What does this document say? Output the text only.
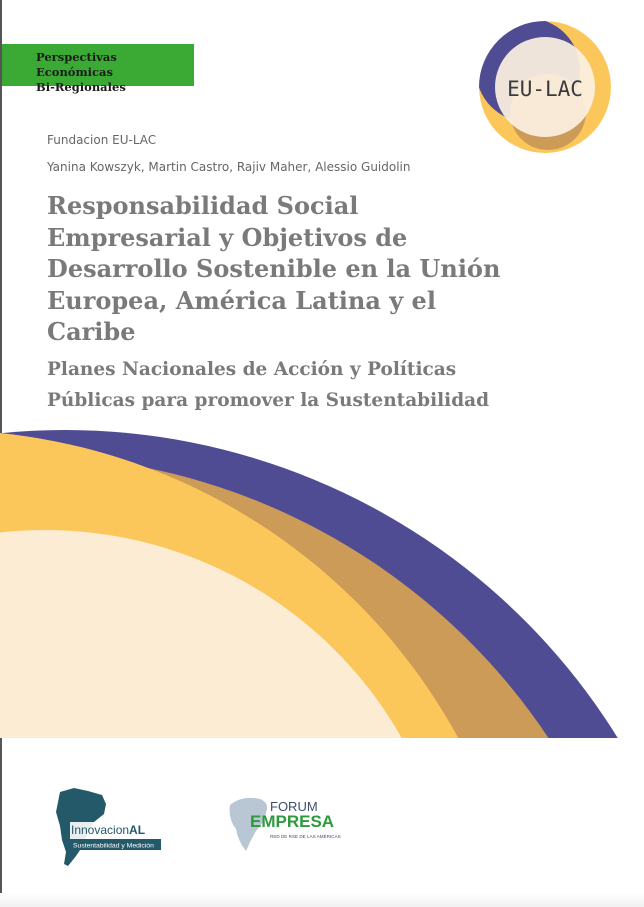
Perspectivas Económicas
Bi-Regionales	EU-LAC
Fundacion EU-LAC
Yanina Kowszyk, Martin Castro, Rajiv Maher, Alessio Guidolin
Responsabilidad Social
Empresarial y Objetivos de
Desarrollo Sostenible en la Unión
Europea, América Latina y el
Caribe
Planes Nacionales de Acción y Políticas
Públicas para promover la Sustentabilidad
InnovacionAL
Sustentabilidad y Medición
FORUM
EMPRESA
RED DE RSE DE LAS AMÉRICAS
